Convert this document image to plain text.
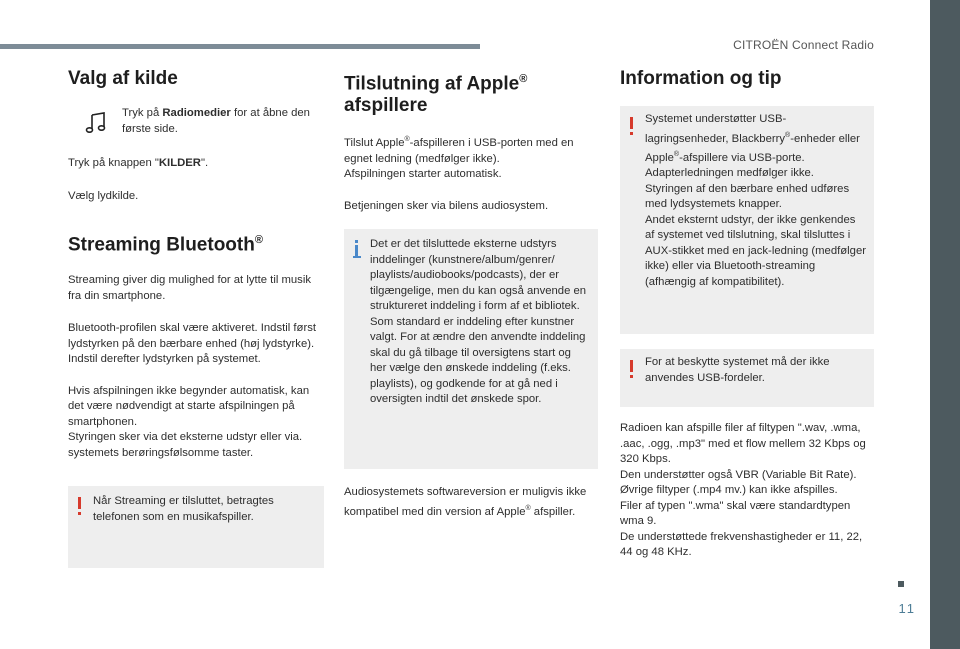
CITROËN Connect Radio
11
Valg af kilde

Tryk på Radiomedier for at åbne den første side.

Tryk på knappen "KILDER".

Vælg lydkilde.

Streaming Bluetooth®

Streaming giver dig mulighed for at lytte til musik fra din smartphone.

Bluetooth-profilen skal være aktiveret. Indstil først lydstyrken på den bærbare enhed (høj lydstyrke).
Indstil derefter lydstyrken på systemet.

Hvis afspilningen ikke begynder automatisk, kan det være nødvendigt at starte afspilningen på smartphonen.
Styringen sker via det eksterne udstyr eller via. systemets berøringsfølsomme taster.

Når Streaming er tilsluttet, betragtes telefonen som en musikafspiller.

Tilslutning af Apple®
afspillere

Tilslut Apple®-afspilleren i USB-porten med en egnet ledning (medfølger ikke).
Afspilningen starter automatisk.

Betjeningen sker via bilens audiosystem.

Det er det tilsluttede eksterne udstyrs inddelinger (kunstnere/album/genrer/ playlists/audiobooks/podcasts), der er tilgængelige, men du kan også anvende en struktureret inddeling i form af et bibliotek.
Som standard er inddeling efter kunstner valgt. For at ændre den anvendte inddeling skal du gå tilbage til oversigtens start og her vælge den ønskede inddeling (f.eks. playlists), og godkende for at gå ned i oversigten indtil det ønskede spor.

Audiosystemets softwareversion er muligvis ikke kompatibel med din version af Apple® afspiller.

Information og tip

Systemet understøtter USB-lagringsenheder, Blackberry®-enheder eller Apple®-afspillere via USB-porte. Adapterledningen medfølger ikke.
Styringen af den bærbare enhed udføres med lydsystemets knapper.
Andet eksternt udstyr, der ikke genkendes af systemet ved tilslutning, skal tilsluttes i AUX-stikket med en jack-ledning (medfølger ikke) eller via Bluetooth-streaming (afhængig af kompatibilitet).

For at beskytte systemet må der ikke anvendes USB-fordeler.

Radioen kan afspille filer af filtypen ".wav, .wma, .aac, .ogg, .mp3" med et flow mellem 32 Kbps og 320 Kbps.
Den understøtter også VBR (Variable Bit Rate).
Øvrige filtyper (.mp4 mv.) kan ikke afspilles.
Filer af typen ".wma" skal være standardtypen wma 9.
De understøttede frekvenshastigheder er 11, 22, 44 og 48 KHz.
